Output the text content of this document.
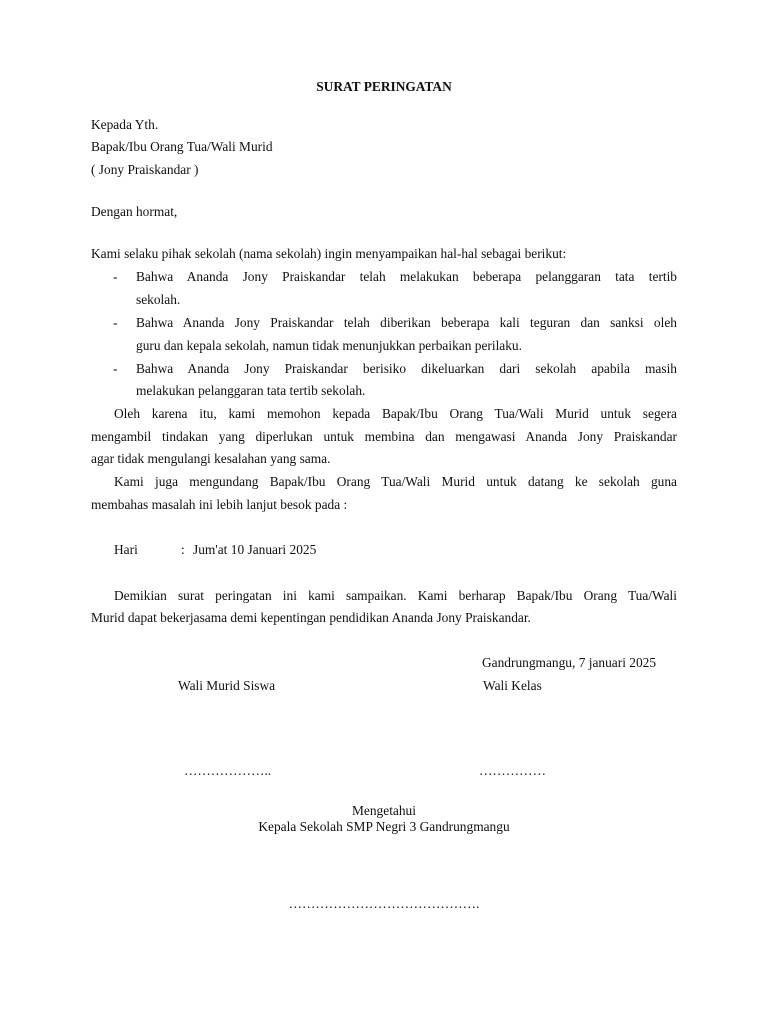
SURAT PERINGATAN
Kepada Yth.
Bapak/Ibu Orang Tua/Wali Murid
( Jony Praiskandar )
Dengan hormat,
Kami selaku pihak sekolah (nama sekolah) ingin menyampaikan hal-hal sebagai berikut:
- Bahwa Ananda Jony Praiskandar telah melakukan beberapa pelanggaran tata tertib
sekolah.
- Bahwa Ananda Jony Praiskandar telah diberikan beberapa kali teguran dan sanksi oleh
guru dan kepala sekolah, namun tidak menunjukkan perbaikan perilaku.
- Bahwa Ananda Jony Praiskandar berisiko dikeluarkan dari sekolah apabila masih
melakukan pelanggaran tata tertib sekolah.
Oleh karena itu, kami memohon kepada Bapak/Ibu Orang Tua/Wali Murid untuk segera
mengambil tindakan yang diperlukan untuk membina dan mengawasi Ananda Jony Praiskandar
agar tidak mengulangi kesalahan yang sama.
Kami juga mengundang Bapak/Ibu Orang Tua/Wali Murid untuk datang ke sekolah guna
membahas masalah ini lebih lanjut besok pada :
Hari	: Jum'at 10 Januari 2025
Demikian surat peringatan ini kami sampaikan. Kami berharap Bapak/Ibu Orang Tua/Wali
Murid dapat bekerjasama demi kepentingan pendidikan Ananda Jony Praiskandar.
Gandrungmangu, 7 januari 2025
Wali Murid Siswa	Wali Kelas
………………..	……………
Mengetahui
Kepala Sekolah SMP Negri 3 Gandrungmangu
…………………………………….
